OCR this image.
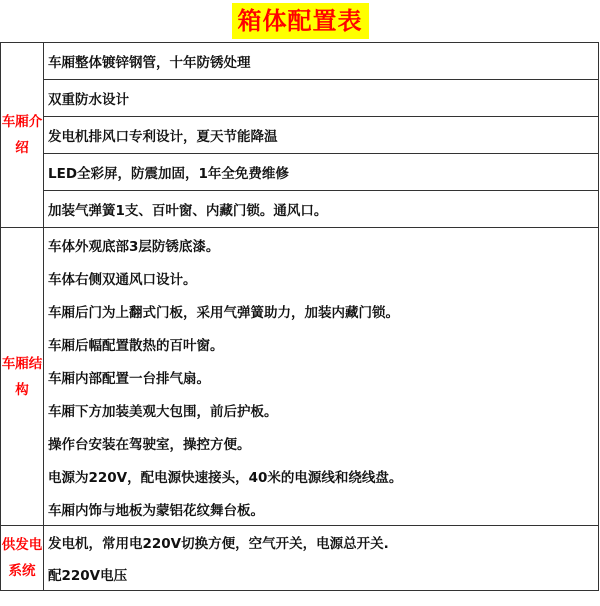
箱体配置表
车厢介绍	车厢整体镀锌钢管，十年防锈处理
	双重防水设计
	发电机排风口专利设计，夏天节能降温
	LED全彩屏，防震加固，1年全免费维修
	加装气弹簧1支、百叶窗、内藏门锁。通风口。
车厢结构	车体外观底部3层防锈底漆。
	车体右侧双通风口设计。
	车厢后门为上翻式门板，采用气弹簧助力，加装内藏门锁。
	车厢后幅配置散热的百叶窗。
	车厢内部配置一台排气扇。
	车厢下方加装美观大包围，前后护板。
	操作台安装在驾驶室，操控方便。
	电源为220V，配电源快速接头，40米的电源线和绕线盘。
	车厢内饰与地板为蒙铝花纹舞台板。
供发电系统	发电机，常用电220V切换方便，空气开关，电源总开关.
	配220V电压
